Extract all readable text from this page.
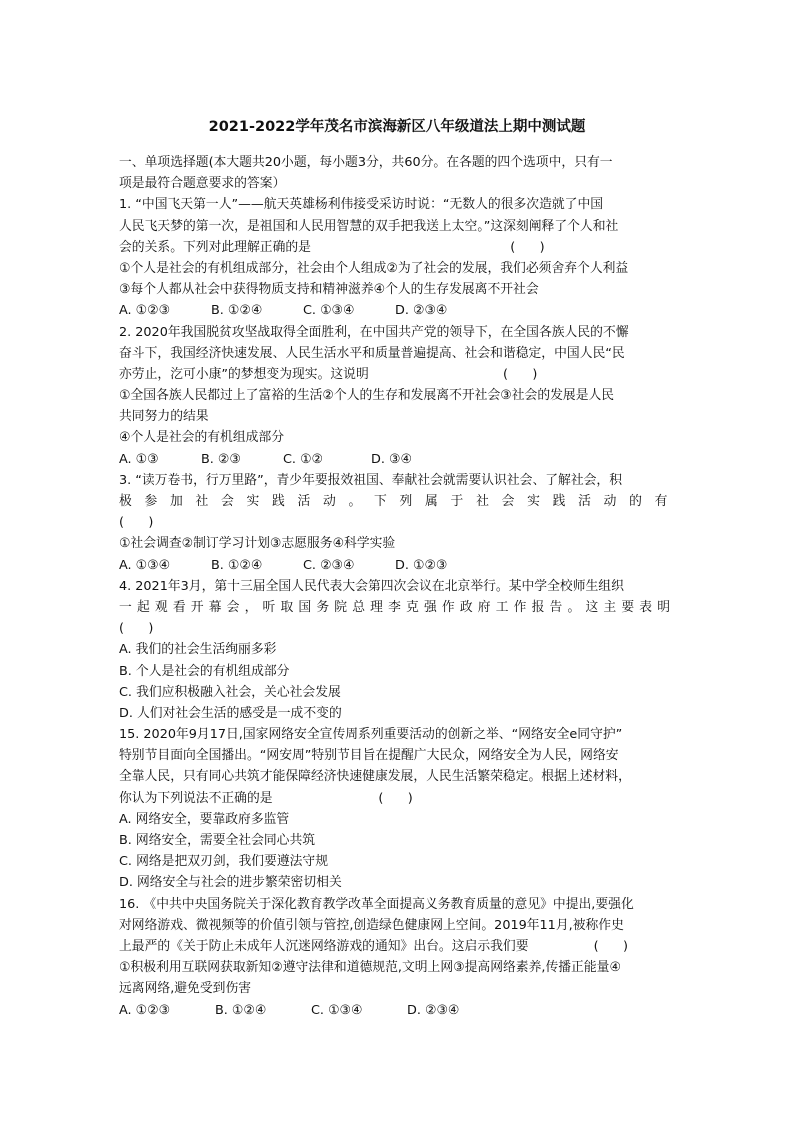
2021-2022学年茂名市滨海新区八年级道法上期中测试题
一、单项选择题(本大题共20小题，每小题3分，共60分。在各题的四个选项中，只有一
项是最符合题意要求的答案）
1. “中国飞天第一人”——航天英雄杨利伟接受采访时说：“无数人的很多次造就了中国
人民飞天梦的第一次，是祖国和人民用智慧的双手把我送上太空。”这深刻阐释了个人和社
会的关系。下列对此理解正确的是                                                 (      )
①个人是社会的有机组成部分，社会由个人组成②为了社会的发展，我们必须舍弃个人利益
③每个人都从社会中获得物质支持和精神滋养④个人的生存发展离不开社会
A. ①②③	B. ①②④	C. ①③④	D. ②③④
2. 2020年我国脱贫攻坚战取得全面胜利，在中国共产党的领导下，在全国各族人民的不懈
奋斗下，我国经济快速发展、人民生活水平和质量普遍提高、社会和谐稳定，中国人民“民
亦劳止，汔可小康”的梦想变为现实。这说明                                 (      )
①全国各族人民都过上了富裕的生活②个人的生存和发展离不开社会③社会的发展是人民
共同努力的结果
④个人是社会的有机组成部分
A. ①③	B. ②③	C. ①②	D. ③④
3. “读万卷书，行万里路”，青少年要报效祖国、奉献社会就需要认识社会、了解社会，积
极参加社会实践活动。下列属于社会实践活动的有
(      )
①社会调查②制订学习计划③志愿服务④科学实验
A. ①③④	B. ①②④	C. ②③④	D. ①②③
4. 2021年3月，第十三届全国人民代表大会第四次会议在北京举行。某中学全校师生组织
一起观看开幕会，听取国务院总理李克强作政府工作报告。这主要表明
(      )
A. 我们的社会生活绚丽多彩
B. 个人是社会的有机组成部分
C. 我们应积极融入社会，关心社会发展
D. 人们对社会生活的感受是一成不变的
15. 2020年9月17日,国家网络安全宣传周系列重要活动的创新之举、“网络安全e同守护”
特别节目面向全国播出。“网安周”特别节目旨在提醒广大民众，网络安全为人民，网络安
全靠人民，只有同心共筑才能保障经济快速健康发展，人民生活繁荣稳定。根据上述材料，
你认为下列说法不正确的是                          (      )
A. 网络安全，要靠政府多监管
B. 网络安全，需要全社会同心共筑
C. 网络是把双刃剑，我们要遵法守规
D. 网络安全与社会的进步繁荣密切相关
16. 《中共中央国务院关于深化教育教学改革全面提高义务教育质量的意见》中提出,要强化
对网络游戏、微视频等的价值引领与管控,创造绿色健康网上空间。2019年11月,被称作史
上最严的《关于防止未成年人沉迷网络游戏的通知》出台。这启示我们要                (      )
①积极利用互联网获取新知②遵守法律和道德规范,文明上网③提高网络素养,传播正能量④
远离网络,避免受到伤害
A. ①②③	B. ①②④	C. ①③④	D. ②③④
